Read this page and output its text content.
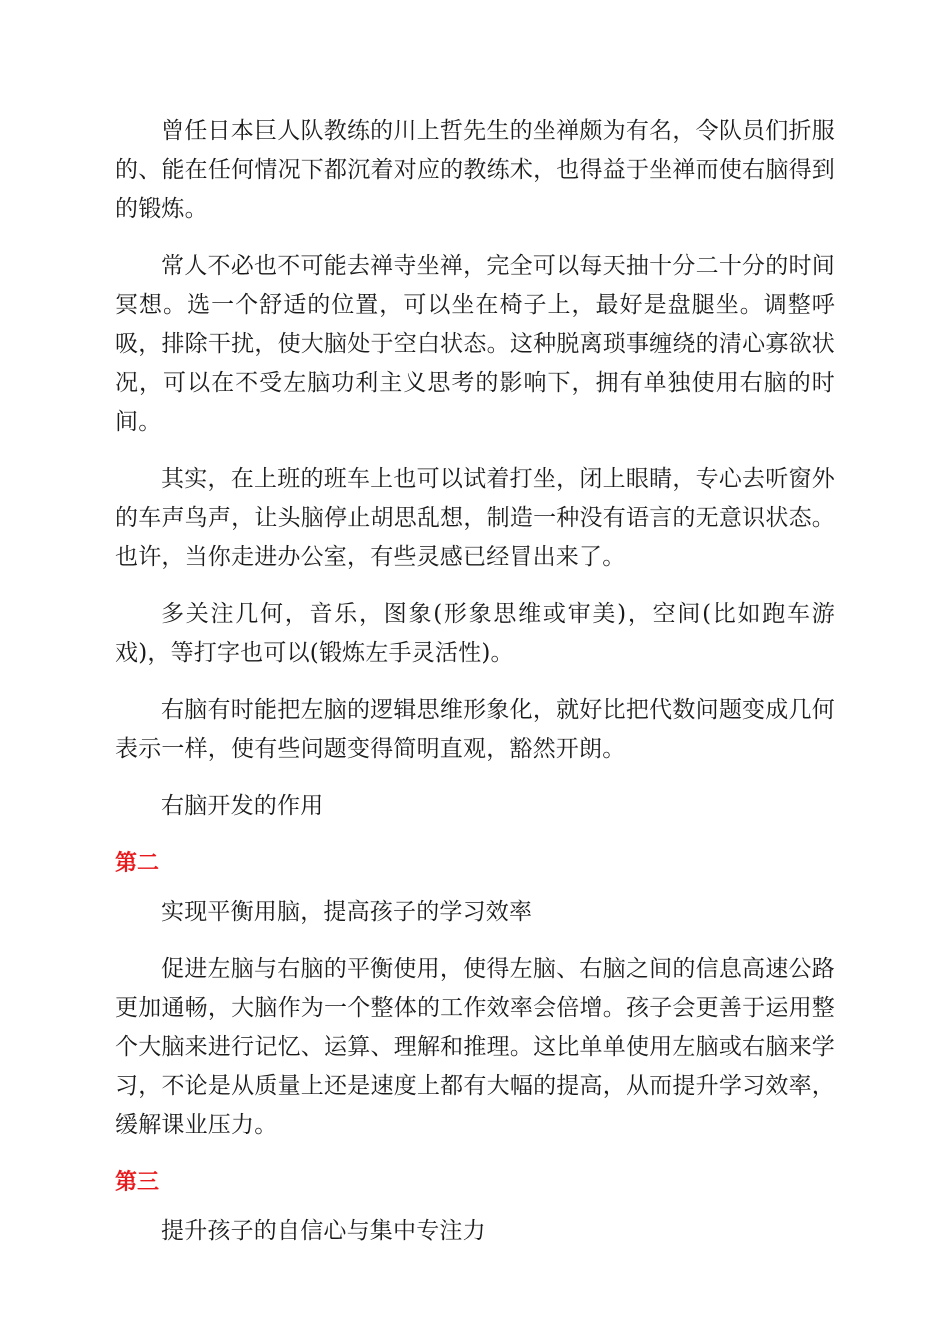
曾任日本巨人队教练的川上哲先生的坐禅颇为有名，令队员们折服的、能在任何情况下都沉着对应的教练术，也得益于坐禅而使右脑得到的锻炼。

常人不必也不可能去禅寺坐禅，完全可以每天抽十分二十分的时间冥想。选一个舒适的位置，可以坐在椅子上，最好是盘腿坐。调整呼吸，排除干扰，使大脑处于空白状态。这种脱离琐事缠绕的清心寡欲状况，可以在不受左脑功利主义思考的影响下，拥有单独使用右脑的时间。

其实，在上班的班车上也可以试着打坐，闭上眼睛，专心去听窗外的车声鸟声，让头脑停止胡思乱想，制造一种没有语言的无意识状态。也许，当你走进办公室，有些灵感已经冒出来了。

多关注几何，音乐，图象(形象思维或审美)，空间(比如跑车游戏)，等打字也可以(锻炼左手灵活性)。

右脑有时能把左脑的逻辑思维形象化，就好比把代数问题变成几何表示一样，使有些问题变得简明直观，豁然开朗。

右脑开发的作用

第二

实现平衡用脑，提高孩子的学习效率

促进左脑与右脑的平衡使用，使得左脑、右脑之间的信息高速公路更加通畅，大脑作为一个整体的工作效率会倍增。孩子会更善于运用整个大脑来进行记忆、运算、理解和推理。这比单单使用左脑或右脑来学习，不论是从质量上还是速度上都有大幅的提高，从而提升学习效率，缓解课业压力。

第三

提升孩子的自信心与集中专注力
